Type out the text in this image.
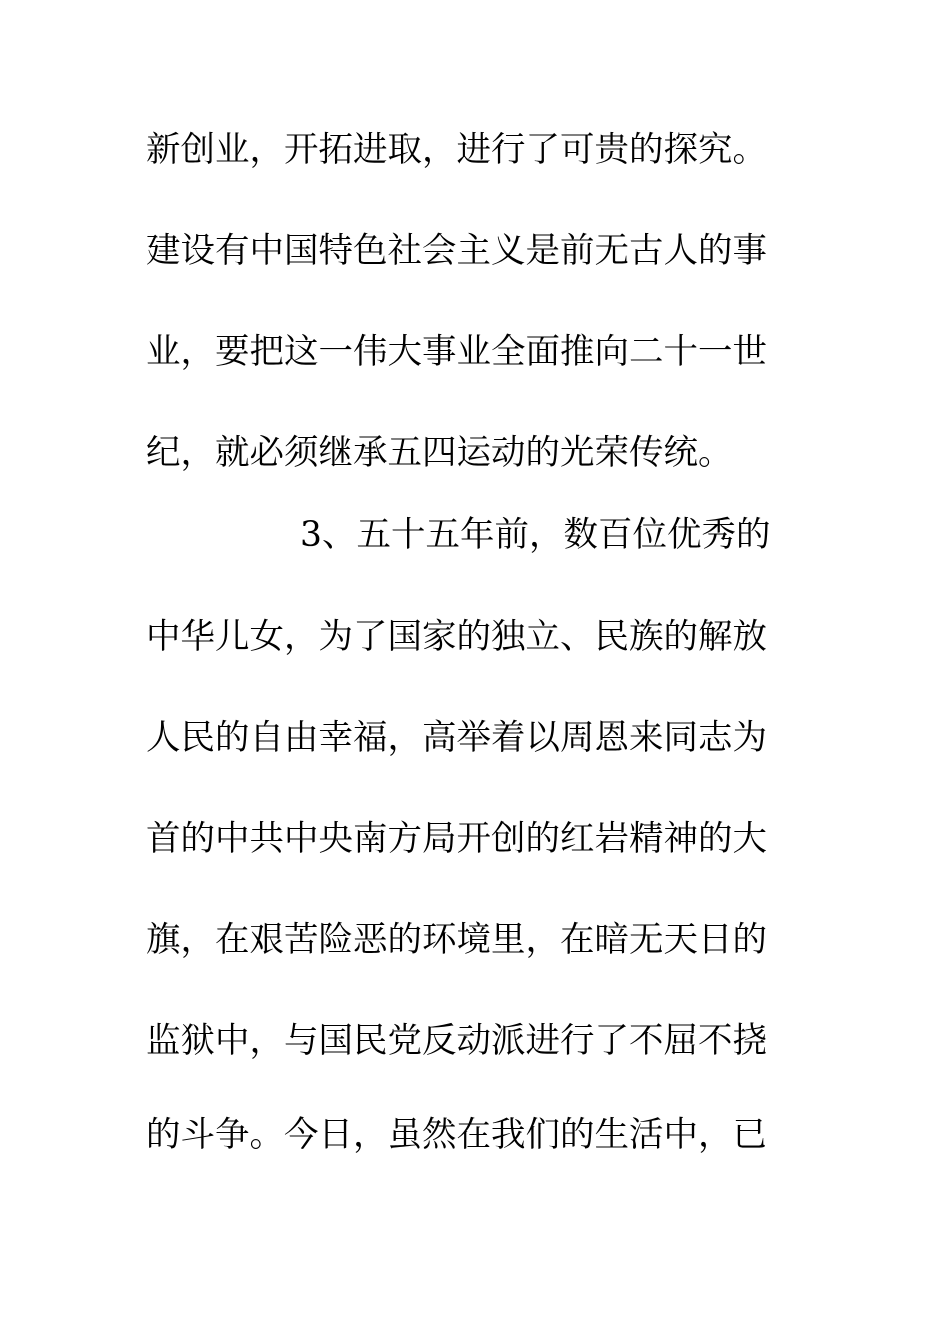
新创业，开拓进取，进行了可贵的探究。
建设有中国特色社会主义是前无古人的事
业，要把这一伟大事业全面推向二十一世
纪，就必须继承五四运动的光荣传统。
3、五十五年前，数百位优秀的
中华儿女，为了国家的独立、民族的解放
人民的自由幸福，高举着以周恩来同志为
首的中共中央南方局开创的红岩精神的大
旗，在艰苦险恶的环境里，在暗无天日的
监狱中，与国民党反动派进行了不屈不挠
的斗争。今日，虽然在我们的生活中，已
